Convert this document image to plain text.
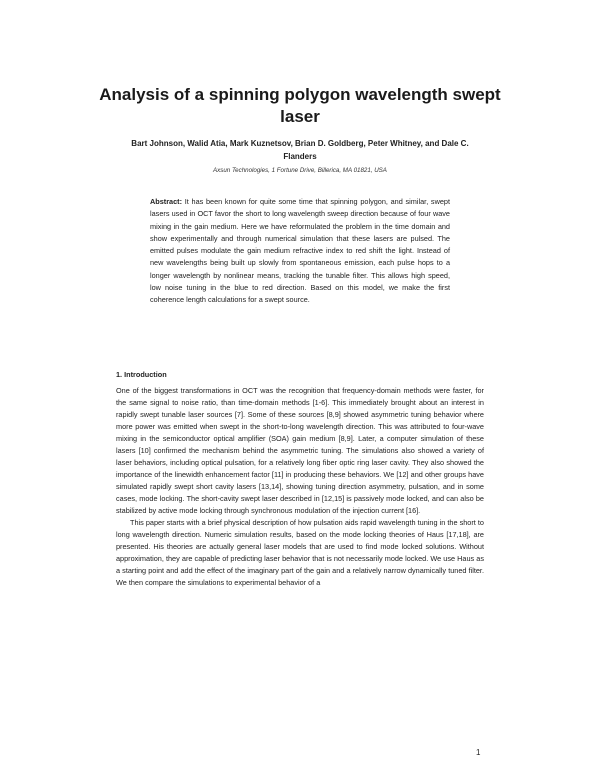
Analysis of a spinning polygon wavelength swept laser
Bart Johnson, Walid Atia, Mark Kuznetsov, Brian D. Goldberg, Peter Whitney, and Dale C. Flanders
Axsun Technologies, 1 Fortune Drive, Billerica, MA 01821, USA
Abstract: It has been known for quite some time that spinning polygon, and similar, swept lasers used in OCT favor the short to long wavelength sweep direction because of four wave mixing in the gain medium. Here we have reformulated the problem in the time domain and show experimentally and through numerical simulation that these lasers are pulsed. The emitted pulses modulate the gain medium refractive index to red shift the light. Instead of new wavelengths being built up slowly from spontaneous emission, each pulse hops to a longer wavelength by nonlinear means, tracking the tunable filter. This allows high speed, low noise tuning in the blue to red direction. Based on this model, we make the first coherence length calculations for a swept source.
1. Introduction

One of the biggest transformations in OCT was the recognition that frequency-domain methods were faster, for the same signal to noise ratio, than time-domain methods [1-6]. This immediately brought about an interest in rapidly swept tunable laser sources [7]. Some of these sources [8,9] showed asymmetric tuning behavior where more power was emitted when swept in the short-to-long wavelength direction. This was attributed to four-wave mixing in the semiconductor optical amplifier (SOA) gain medium [8,9]. Later, a computer simulation of these lasers [10] confirmed the mechanism behind the asymmetric tuning. The simulations also showed a variety of laser behaviors, including optical pulsation, for a relatively long fiber optic ring laser cavity. They also showed the importance of the linewidth enhancement factor [11] in producing these behaviors. We [12] and other groups have simulated rapidly swept short cavity lasers [13,14], showing tuning direction asymmetry, pulsation, and in some cases, mode locking. The short-cavity swept laser described in [12,15] is passively mode locked, and can also be stabilized by active mode locking through synchronous modulation of the injection current [16].

This paper starts with a brief physical description of how pulsation aids rapid wavelength tuning in the short to long wavelength direction. Numeric simulation results, based on the mode locking theories of Haus [17,18], are presented. His theories are actually general laser models that are used to find mode locked solutions. Without approximation, they are capable of predicting laser behavior that is not necessarily mode locked. We use Haus as a starting point and add the effect of the imaginary part of the gain and a relatively narrow dynamically tuned filter. We then compare the simulations to experimental behavior of a

1
